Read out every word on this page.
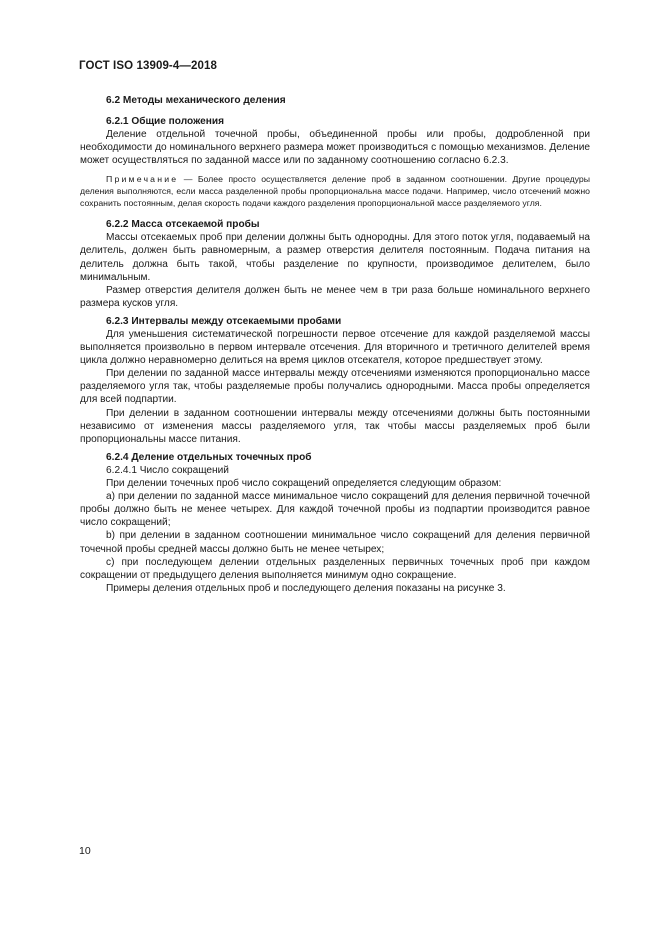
ГОСТ ISO 13909-4—2018

6.2 Методы механического деления

6.2.1 Общие положения

Деление отдельной точечной пробы, объединенной пробы или пробы, додробленной при необходимости до номинального верхнего размера может производиться с помощью механизмов. Деление может осуществляться по заданной массе или по заданному соотношению согласно 6.2.3.

Примечание — Более просто осуществляется деление проб в заданном соотношении. Другие процедуры деления выполняются, если масса разделенной пробы пропорциональна массе подачи. Например, число отсечений можно сохранить постоянным, делая скорость подачи каждого разделения пропорциональной массе разделяемого угля.

6.2.2 Масса отсекаемой пробы

Массы отсекаемых проб при делении должны быть однородны. Для этого поток угля, подаваемый на делитель, должен быть равномерным, а размер отверстия делителя постоянным. Подача питания на делитель должна быть такой, чтобы разделение по крупности, производимое делителем, было минимальным.

Размер отверстия делителя должен быть не менее чем в три раза больше номинального верхнего размера кусков угля.

6.2.3 Интервалы между отсекаемыми пробами

Для уменьшения систематической погрешности первое отсечение для каждой разделяемой массы выполняется произвольно в первом интервале отсечения. Для вторичного и третичного делителей время цикла должно неравномерно делиться на время циклов отсекателя, которое предшествует этому.

При делении по заданной массе интервалы между отсечениями изменяются пропорционально массе разделяемого угля так, чтобы разделяемые пробы получались однородными. Масса пробы определяется для всей подпартии.

При делении в заданном соотношении интервалы между отсечениями должны быть постоянными независимо от изменения массы разделяемого угля, так чтобы массы разделяемых проб были пропорциональны массе питания.

6.2.4 Деление отдельных точечных проб

6.2.4.1 Число сокращений

При делении точечных проб число сокращений определяется следующим образом:

а) при делении по заданной массе минимальное число сокращений для деления первичной точечной пробы должно быть не менее четырех. Для каждой точечной пробы из подпартии производится равное число сокращений;

b) при делении в заданном соотношении минимальное число сокращений для деления первичной точечной пробы средней массы должно быть не менее четырех;

с) при последующем делении отдельных разделенных первичных точечных проб при каждом сокращении от предыдущего деления выполняется минимум одно сокращение.

Примеры деления отдельных проб и последующего деления показаны на рисунке 3.

10
